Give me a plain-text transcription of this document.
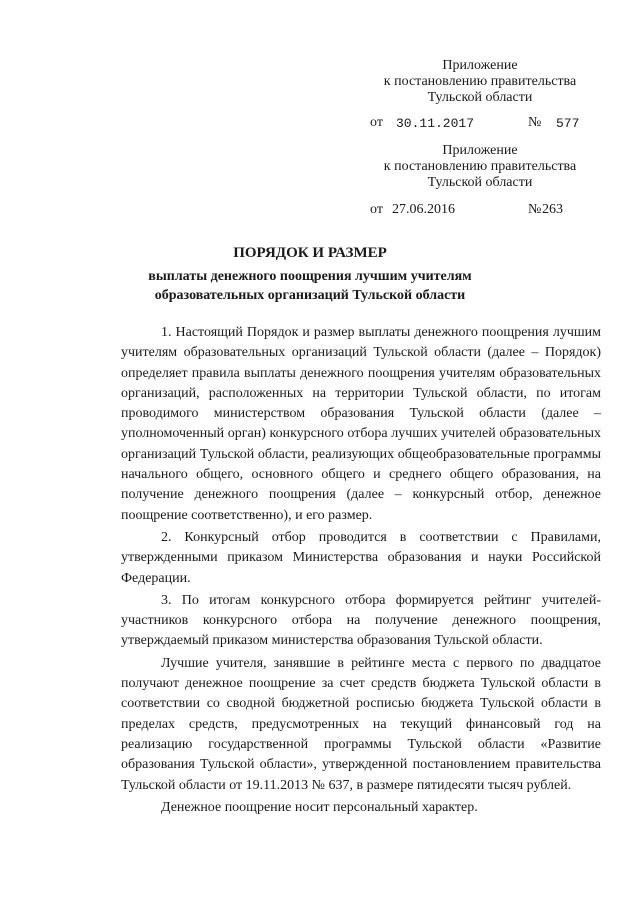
Приложение
к постановлению правительства
Тульской области
от 30.11.2017	№ 577
Приложение
к постановлению правительства
Тульской области
от 27.06.2016	№ 263
ПОРЯДОК И РАЗМЕР
выплаты денежного поощрения лучшим учителям
образовательных организаций Тульской области

1. Настоящий Порядок и размер выплаты денежного поощрения лучшим учителям образовательных организаций Тульской области (далее – Порядок) определяет правила выплаты денежного поощрения учителям образовательных организаций, расположенных на территории Тульской области, по итогам проводимого министерством образования Тульской области (далее – уполномоченный орган) конкурсного отбора лучших учителей образовательных организаций Тульской области, реализующих общеобразовательные программы начального общего, основного общего и среднего общего образования, на получение денежного поощрения (далее – конкурсный отбор, денежное поощрение соответственно), и его размер.

2. Конкурсный отбор проводится в соответствии с Правилами, утвержденными приказом Министерства образования и науки Российской Федерации.

3. По итогам конкурсного отбора формируется рейтинг учителей-участников конкурсного отбора на получение денежного поощрения, утверждаемый приказом министерства образования Тульской области.

Лучшие учителя, занявшие в рейтинге места с первого по двадцатое получают денежное поощрение за счет средств бюджета Тульской области в соответствии со сводной бюджетной росписью бюджета Тульской области в пределах средств, предусмотренных на текущий финансовый год на реализацию государственной программы Тульской области «Развитие образования Тульской области», утвержденной постановлением правительства Тульской области от 19.11.2013 № 637, в размере пятидесяти тысяч рублей.

Денежное поощрение носит персональный характер.
